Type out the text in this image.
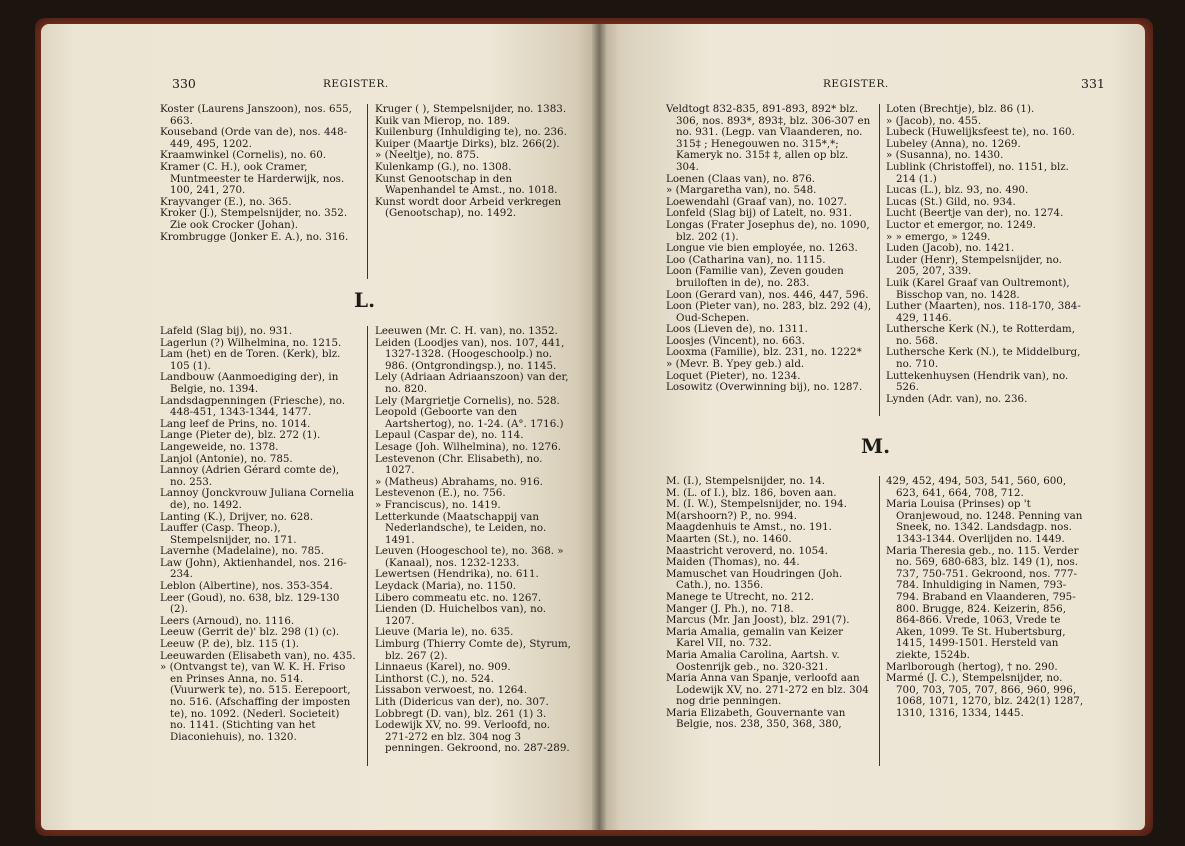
330	REGISTER.

Koster (Laurens Janszoon), nos. 655, 663.

Kouseband (Orde van de), nos. 448-449, 495, 1202.

Kraamwinkel (Cornelis), no. 60.

Kramer (C. H.), ook Cramer, Muntmeester te Harderwijk, nos. 100, 241, 270.

Krayvanger (E.), no. 365.

Kroker (J.), Stempelsnijder, no. 352. Zie ook Crocker (Johan).

Krombrugge (Jonker E. A.), no. 316.

Kruger ( ), Stempelsnijder, no. 1383.

Kuik van Mierop, no. 189.

Kuilenburg (Inhuldiging te), no. 236.

Kuiper (Maartje Dirks), blz. 266(2).

» (Neeltje), no. 875.

Kulenkamp (G.), no. 1308.

Kunst Genootschap in den Wapenhandel te Amst., no. 1018.

Kunst wordt door Arbeid verkregen (Genootschap), no. 1492.

L.

Lafeld (Slag bij), no. 931.

Lagerlun (?) Wilhelmina, no. 1215.

Lam (het) en de Toren. (Kerk), blz. 105 (1).

Landbouw (Aanmoediging der), in Belgie, no. 1394.

Landsdagpenningen (Friesche), no. 448-451, 1343-1344, 1477.

Lang leef de Prins, no. 1014.

Lange (Pieter de), blz. 272 (1).

Langeweide, no. 1378.

Lanjol (Antonie), no. 785.

Lannoy (Adrien Gérard comte de), no. 253.

Lannoy (Jonckvrouw Juliana Cornelia de), no. 1492.

Lanting (K.), Drijver, no. 628.

Lauffer (Casp. Theop.), Stempelsnijder, no. 171.

Lavernhe (Madelaine), no. 785.

Law (John), Aktienhandel, nos. 216-234.

Leblon (Albertine), nos. 353-354.

Leer (Goud), no. 638, blz. 129-130 (2).

Leers (Arnoud), no. 1116.

Leeuw (Gerrit de)' blz. 298 (1) (c).

Leeuw (P. de), blz. 115 (1).

Leeuwarden (Elisabeth van), no. 435.

» (Ontvangst te), van W. K. H. Friso en Prinses Anna, no. 514. (Vuurwerk te), no. 515. Eerepoort, no. 516. (Afschaffing der imposten te), no. 1092. (Nederl. Societeit) no. 1141. (Stichting van het Diaconiehuis), no. 1320.

Leeuwen (Mr. C. H. van), no. 1352.

Leiden (Loodjes van), nos. 107, 441, 1327-1328. (Hoogeschoolp.) no. 986. (Ontgrondingsp.), no. 1145.

Lely (Adriaan Adriaanszoon) van der, no. 820.

Lely (Margrietje Cornelis), no. 528.

Leopold (Geboorte van den Aartshertog), no. 1-24. (A°. 1716.)

Lepaul (Caspar de), no. 114.

Lesage (Joh. Wilhelmina), no. 1276.

Lestevenon (Chr. Elisabeth), no. 1027.

» (Matheus) Abrahams, no. 916.

Lestevenon (E.), no. 756.

» Franciscus), no. 1419.

Letterkunde (Maatschappij van Nederlandsche), te Leiden, no. 1491.

Leuven (Hoogeschool te), no. 368. » (Kanaal), nos. 1232-1233.

Lewertsen (Hendrika), no. 611.

Leydack (Maria), no. 1150.

Libero commeatu etc. no. 1267.

Lienden (D. Huichelbos van), no. 1207.

Lieuve (Maria le), no. 635.

Limburg (Thierry Comte de), Styrum, blz. 267 (2).

Linnaeus (Karel), no. 909.

Linthorst (C.), no. 524.

Lissabon verwoest, no. 1264.

Lith (Didericus van der), no. 307.

Lobbregt (D. van), blz. 261 (1) 3.

Lodewijk XV, no. 99. Verloofd, no. 271-272 en blz. 304 nog 3 penningen. Gekroond, no. 287-289.

REGISTER.	331

Veldtogt 832-835, 891-893, 892* blz. 306, nos. 893*, 893‡, blz. 306-307 en no. 931. (Legp. van Vlaanderen, no. 315‡ ; Henegouwen no. 315*,*; Kameryk no. 315‡ ‡, allen op blz. 304.

Loenen (Claas van), no. 876.

» (Margaretha van), no. 548.

Loewendahl (Graaf van), no. 1027.

Lonfeld (Slag bij) of Latelt, no. 931.

Longas (Frater Josephus de), no. 1090, blz. 202 (1).

Longue vie bien employée, no. 1263.

Loo (Catharina van), no. 1115.

Loon (Familie van), Zeven gouden bruiloften in de), no. 283.

Loon (Gerard van), nos. 446, 447, 596.

Loon (Pieter van), no. 283, blz. 292 (4), Oud-Schepen.

Loos (Lieven de), no. 1311.

Loosjes (Vincent), no. 663.

Looxma (Familie), blz. 231, no. 1222*

» (Mevr. B. Ypey geb.) ald.

Loquet (Pieter), no. 1234.

Losowitz (Overwinning bij), no. 1287.

Loten (Brechtje), blz. 86 (1).

» (Jacob), no. 455.

Lubeck (Huwelijksfeest te), no. 160.

Lubeley (Anna), no. 1269.

» (Susanna), no. 1430.

Lublink (Christoffel), no. 1151, blz. 214 (1.)

Lucas (L.), blz. 93, no. 490.

Lucas (St.) Gild, no. 934.

Lucht (Beertje van der), no. 1274.

Luctor et emergor, no. 1249.

» » emergo, » 1249.

Luden (Jacob), no. 1421.

Luder (Henr), Stempelsnijder, no. 205, 207, 339.

Luik (Karel Graaf van Oultremont), Bisschop van, no. 1428.

Luther (Maarten), nos. 118-170, 384-429, 1146.

Luthersche Kerk (N.), te Rotterdam, no. 568.

Luthersche Kerk (N.), te Middelburg, no. 710.

Luttekenhuysen (Hendrik van), no. 526.

Lynden (Adr. van), no. 236.

M.

M. (I.), Stempelsnijder, no. 14.

M. (L. of I.), blz. 186, boven aan.

M. (I. W.), Stempelsnijder, no. 194.

M(arshoorn?) P., no. 994.

Maagdenhuis te Amst., no. 191.

Maarten (St.), no. 1460.

Maastricht veroverd, no. 1054.

Maiden (Thomas), no. 44.

Mamuschet van Houdringen (Joh. Cath.), no. 1356.

Manege te Utrecht, no. 212.

Manger (J. Ph.), no. 718.

Marcus (Mr. Jan Joost), blz. 291(7).

Maria Amalia, gemalin van Keizer Karel VII, no. 732.

Maria Amalia Carolina, Aartsh. v. Oostenrijk geb., no. 320-321.

Maria Anna van Spanje, verloofd aan Lodewijk XV, no. 271-272 en blz. 304 nog drie penningen.

Maria Elizabeth, Gouvernante van Belgie, nos. 238, 350, 368, 380,

429, 452, 494, 503, 541, 560, 600, 623, 641, 664, 708, 712.

Maria Louisa (Prinses) op 't Oranjewoud, no. 1248. Penning van Sneek, no. 1342. Landsdagp. nos. 1343-1344. Overlijden no. 1449.

Maria Theresia geb., no. 115. Verder no. 569, 680-683, blz. 149 (1), nos. 737, 750-751. Gekroond, nos. 777-784. Inhuldiging in Namen, 793-794. Braband en Vlaanderen, 795-800. Brugge, 824. Keizerin, 856, 864-866. Vrede, 1063, Vrede te Aken, 1099. Te St. Hubertsburg, 1415, 1499-1501. Hersteld van ziekte, 1524b.

Marlborough (hertog), † no. 290.

Marmé (J. C.), Stempelsnijder, no. 700, 703, 705, 707, 866, 960, 996, 1068, 1071, 1270, blz. 242(1) 1287, 1310, 1316, 1334, 1445.
